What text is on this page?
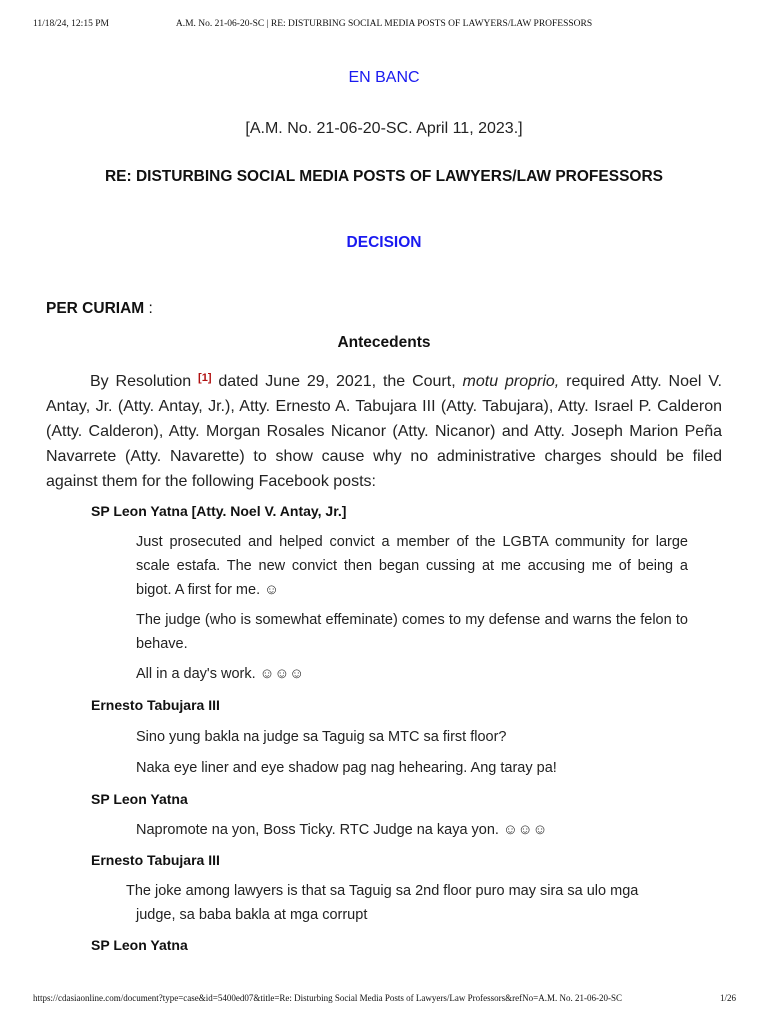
11/18/24, 12:15 PM	A.M. No. 21-06-20-SC | RE: DISTURBING SOCIAL MEDIA POSTS OF LAWYERS/LAW PROFESSORS
EN BANC
[A.M. No. 21-06-20-SC. April 11, 2023.]
RE: DISTURBING SOCIAL MEDIA POSTS OF LAWYERS/LAW PROFESSORS
DECISION
PER CURIAM :
Antecedents
By Resolution [1] dated June 29, 2021, the Court, motu proprio, required Atty. Noel V. Antay, Jr. (Atty. Antay, Jr.), Atty. Ernesto A. Tabujara III (Atty. Tabujara), Atty. Israel P. Calderon (Atty. Calderon), Atty. Morgan Rosales Nicanor (Atty. Nicanor) and Atty. Joseph Marion Peña Navarrete (Atty. Navarette) to show cause why no administrative charges should be filed against them for the following Facebook posts:
SP Leon Yatna [Atty. Noel V. Antay, Jr.]
Just prosecuted and helped convict a member of the LGBTA community for large scale estafa. The new convict then began cussing at me accusing me of being a bigot. A first for me. ☺
The judge (who is somewhat effeminate) comes to my defense and warns the felon to behave.
All in a day's work. ☺☺☺
Ernesto Tabujara III
Sino yung bakla na judge sa Taguig sa MTC sa first floor?
Naka eye liner and eye shadow pag nag hehearing. Ang taray pa!
SP Leon Yatna
Napromote na yon, Boss Ticky. RTC Judge na kaya yon. ☺☺☺
Ernesto Tabujara III
The joke among lawyers is that sa Taguig sa 2nd floor puro may sira sa ulo mga
judge, sa baba bakla at mga corrupt
SP Leon Yatna
https://cdasiaonline.com/document?type=case&id=5400ed07&title=Re: Disturbing Social Media Posts of Lawyers/Law Professors&refNo=A.M. No. 21-06-20-SC	1/26
